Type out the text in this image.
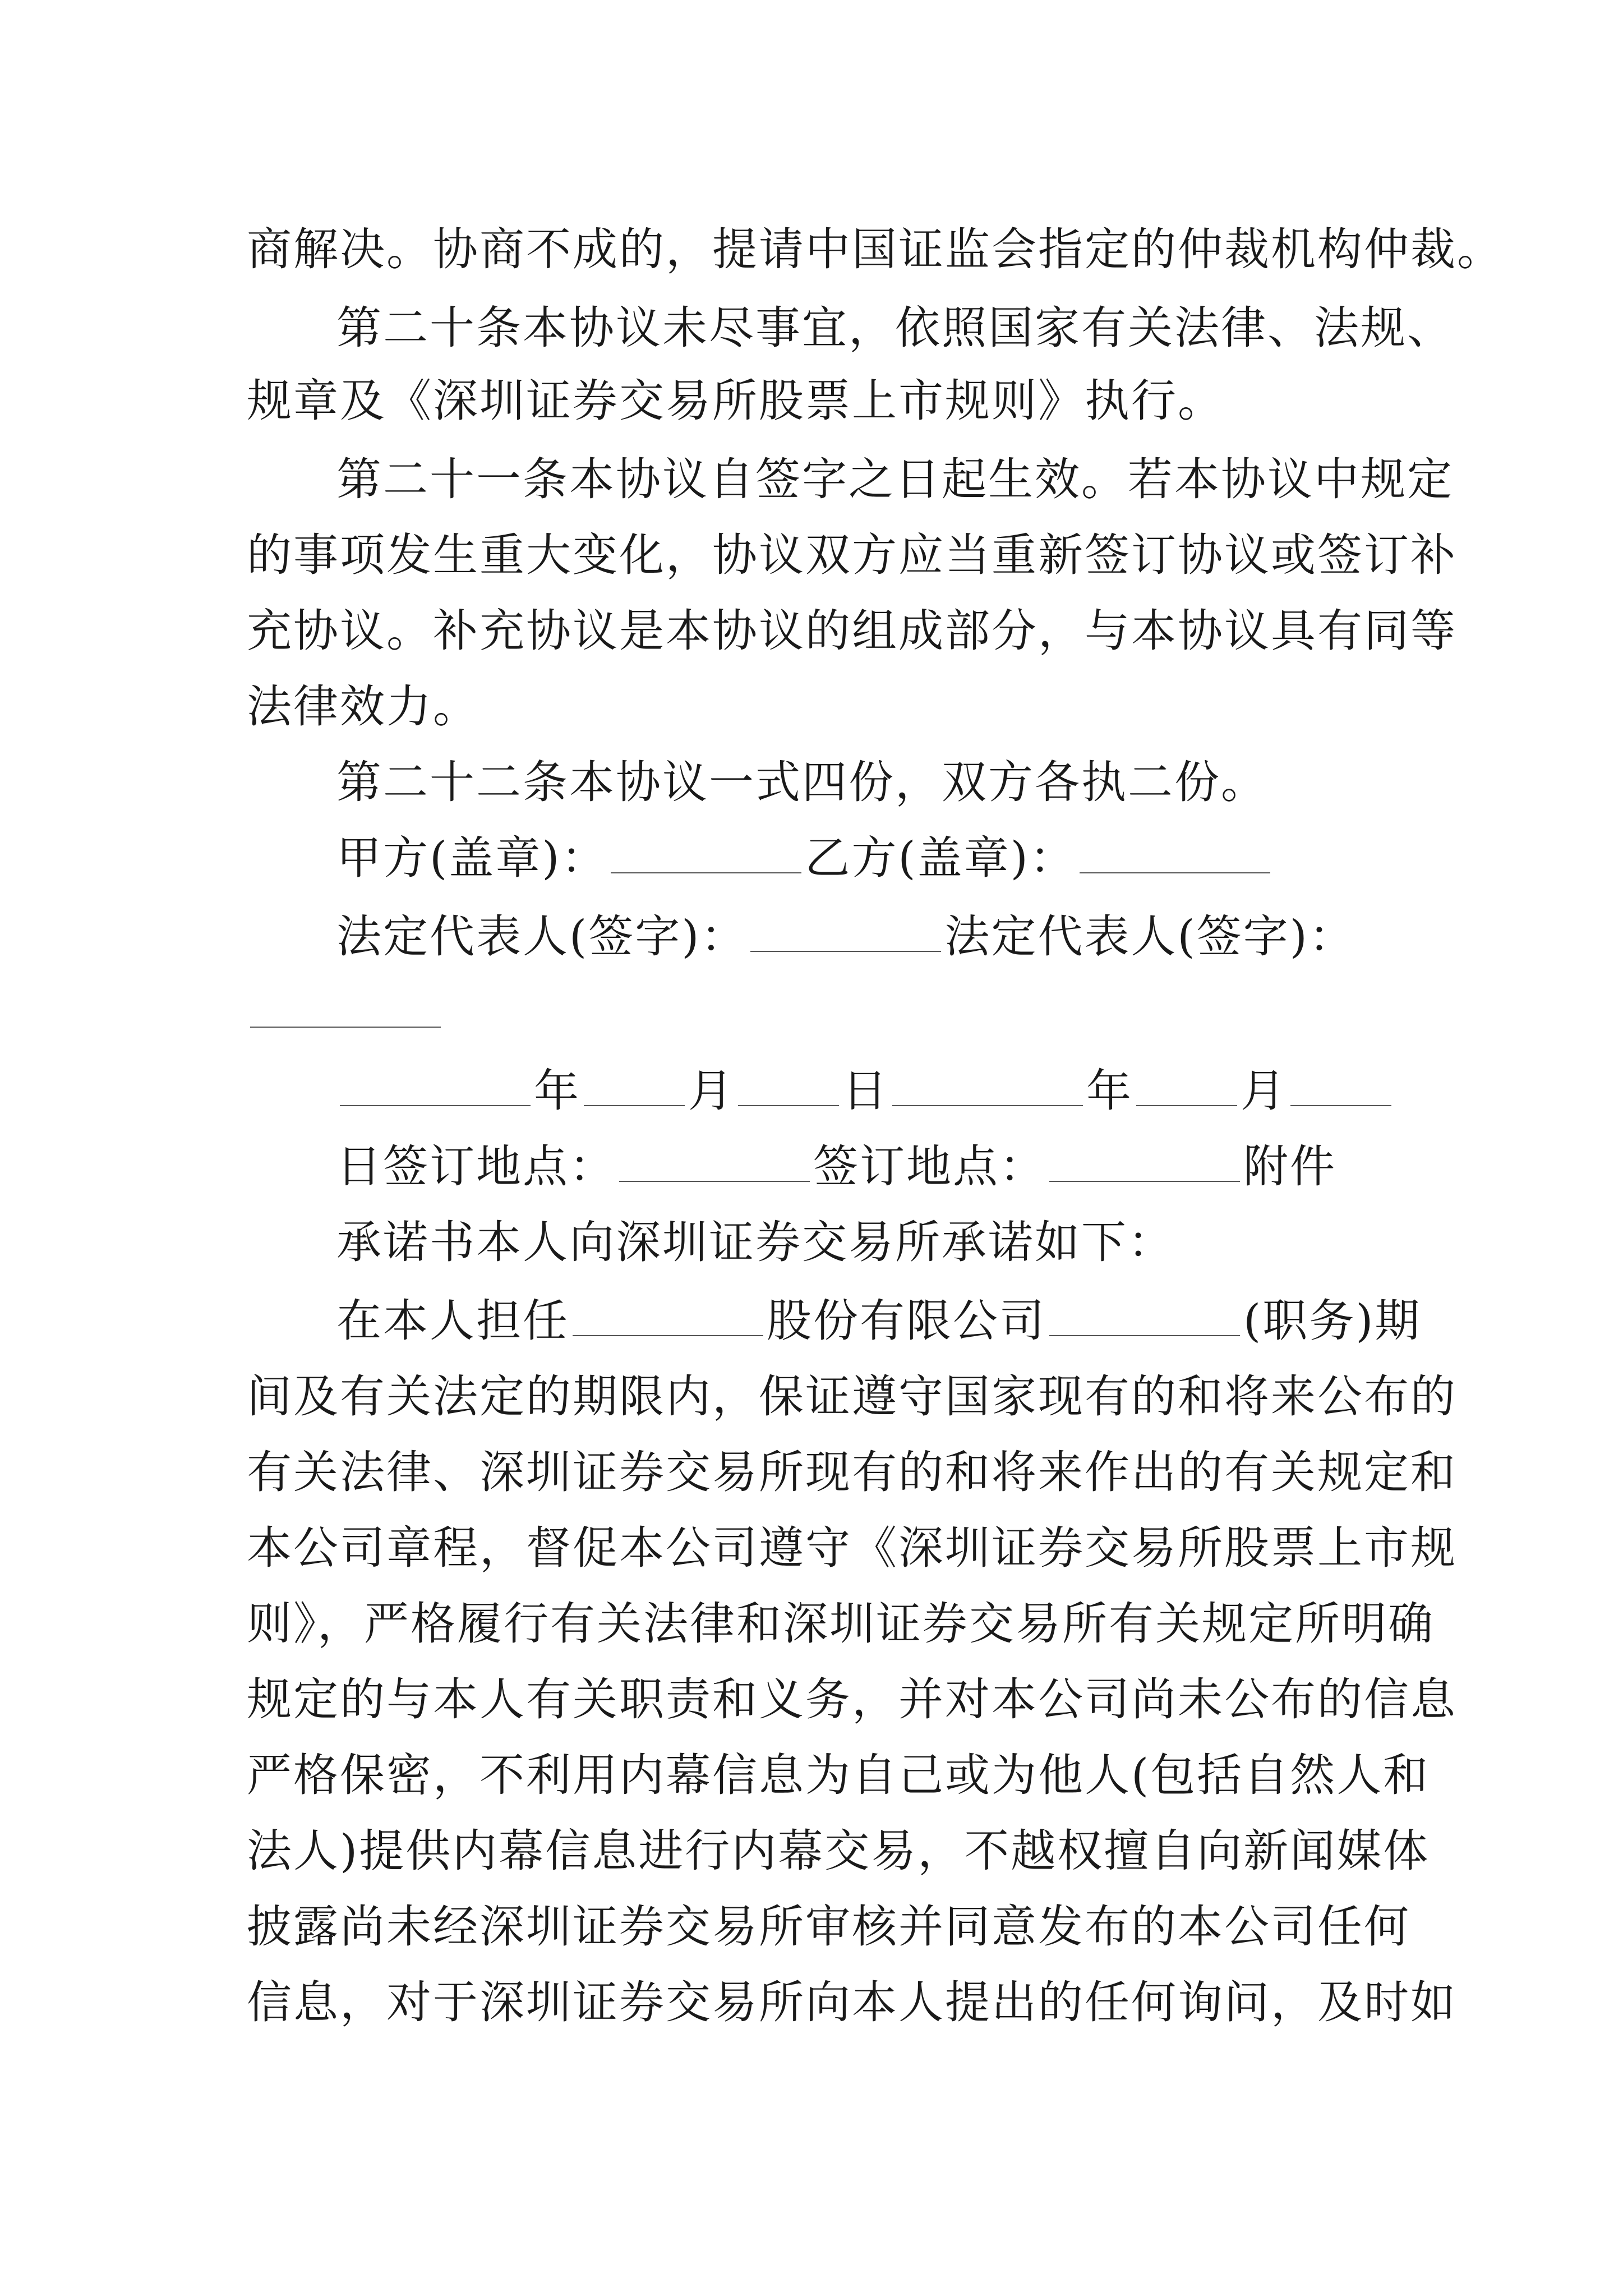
商解决。协商不成的，提请中国证监会指定的仲裁机构仲裁。
第二十条本协议未尽事宜，依照国家有关法律、法规、
规章及《深圳证券交易所股票上市规则》执行。
第二十一条本协议自签字之日起生效。若本协议中规定
的事项发生重大变化，协议双方应当重新签订协议或签订补
充协议。补充协议是本协议的组成部分，与本协议具有同等
法律效力。
第二十二条本协议一式四份，双方各执二份。
甲方(盖章)：	乙方(盖章)：
法定代表人(签字)：	法定代表人(签字)：
年 月 日	年 月
日签订地点：	签订地点：	附件
承诺书本人向深圳证券交易所承诺如下：
在本人担任	股份有限公司	(职务)期
间及有关法定的期限内，保证遵守国家现有的和将来公布的
有关法律、深圳证券交易所现有的和将来作出的有关规定和
本公司章程，督促本公司遵守《深圳证券交易所股票上市规
则》，严格履行有关法律和深圳证券交易所有关规定所明确
规定的与本人有关职责和义务，并对本公司尚未公布的信息
严格保密，不利用内幕信息为自己或为他人(包括自然人和
法人)提供内幕信息进行内幕交易，不越权擅自向新闻媒体
披露尚未经深圳证券交易所审核并同意发布的本公司任何
信息，对于深圳证券交易所向本人提出的任何询问，及时如
